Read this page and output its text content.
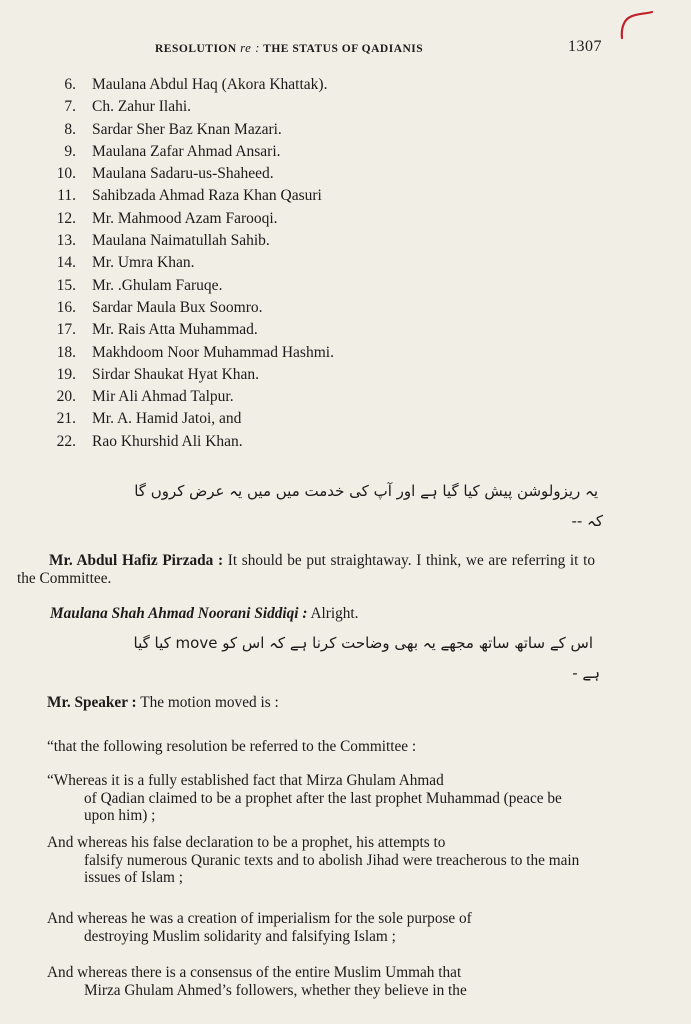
RESOLUTION re : THE STATUS OF QADIANIS	1307
6. Maulana Abdul Haq (Akora Khattak).
7. Ch. Zahur Ilahi.
8. Sardar Sher Baz Knan Mazari.
9. Maulana Zafar Ahmad Ansari.
10. Maulana Sadaru-us-Shaheed.
11. Sahibzada Ahmad Raza Khan Qasuri
12. Mr. Mahmood Azam Farooqi.
13. Maulana Naimatullah Sahib.
14. Mr. Umra Khan.
15. Mr. .Ghulam Faruqe.
16. Sardar Maula Bux Soomro.
17. Mr. Rais Atta Muhammad.
18. Makhdoom Noor Muhammad Hashmi.
19. Sirdar Shaukat Hyat Khan.
20. Mir Ali Ahmad Talpur.
21. Mr. A. Hamid Jatoi, and
22. Rao Khurshid Ali Khan.
یہ ریزولوشن پیش کیا گیا ہے اور آپ کی خدمت میں میں یہ عرض کروں گا
کہ --
Mr. Abdul Hafiz Pirzada : It should be put straightaway. I think, we are referring it to the Committee.
Maulana Shah Ahmad Noorani Siddiqi : Alright.
اس کے ساتھ ساتھ مجھے یہ بھی وضاحت کرنا ہے کہ اس کو move کیا گیا
ہے -
Mr. Speaker : The motion moved is :
“that the following resolution be referred to the Committee :
“Whereas it is a fully established fact that Mirza Ghulam Ahmad
of Qadian claimed to be a prophet after the last prophet Muhammad (peace be upon him) ;
And whereas his false declaration to be a prophet, his attempts to
falsify numerous Quranic texts and to abolish Jihad were treacherous to the main issues of Islam ;
And whereas he was a creation of imperialism for the sole purpose of
destroying Muslim solidarity and falsifying Islam ;
And whereas there is a consensus of the entire Muslim Ummah that
Mirza Ghulam Ahmed’s followers, whether they believe in the
